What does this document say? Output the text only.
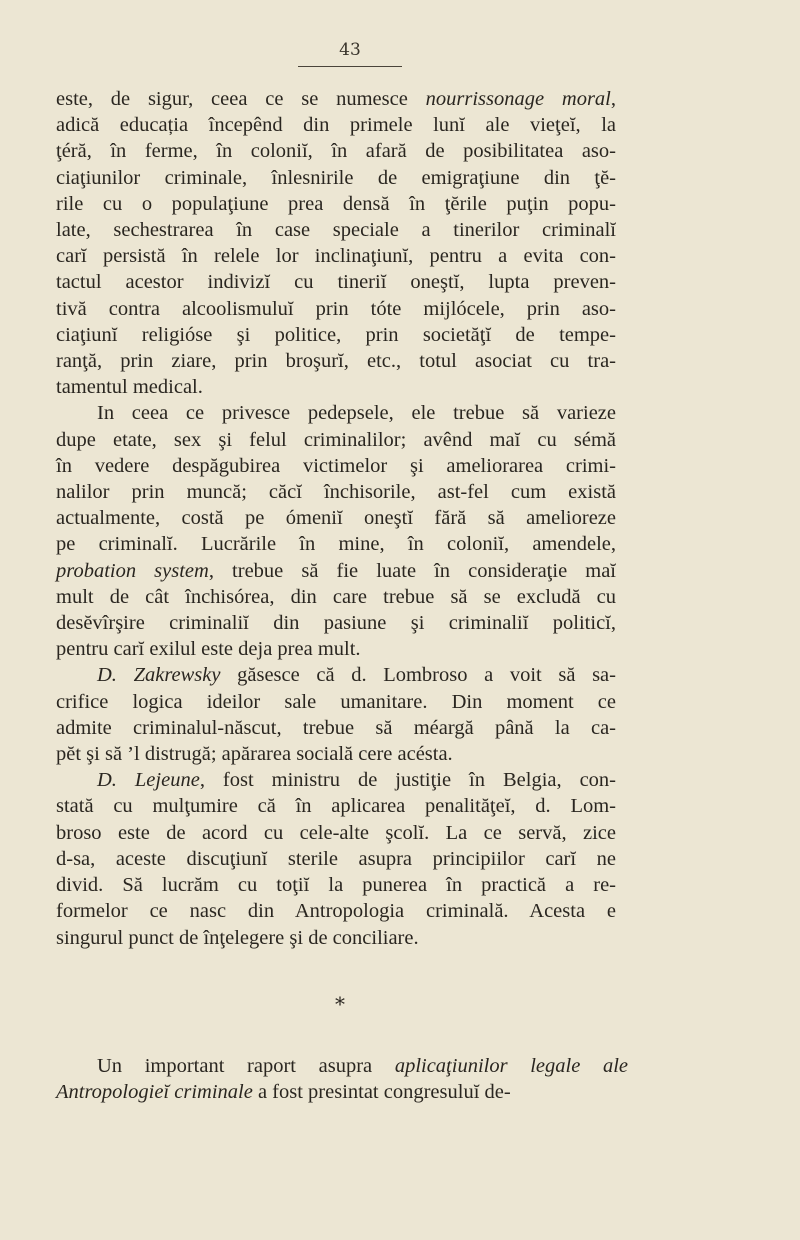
43

este, de sigur, ceea ce se numesce nourrissonage moral,
adică educația începênd din primele lunĭ ale vieţeĭ, la
ţéră, în ferme, în coloniĭ, în afară de posibilitatea aso-
ciaţiunilor criminale, înlesnirile de emigraţiune din ţĕ-
rile cu o populaţiune prea densă în ţĕrile puţin popu-
late, sechestrarea în case speciale a tinerilor criminalĭ
carĭ persistă în relele lor inclinaţiunĭ, pentru a evita con-
tactul acestor indivizĭ cu tineriĭ oneştĭ, lupta preven-
tivă contra alcoolismuluĭ prin tóte mijlócele, prin aso-
ciaţiunĭ religióse şi politice, prin societăţĭ de tempe-
ranţă, prin ziare, prin broşurĭ, etc., totul asociat cu tra-
tamentul medical.

In ceea ce privesce pedepsele, ele trebue să varieze
dupe etate, sex şi felul criminalilor; avênd maĭ cu sémă
în vedere despăgubirea victimelor şi ameliorarea crimi-
nalilor prin muncă; căcĭ închisorile, ast-fel cum există
actualmente, costă pe ómeniĭ oneştĭ fără să amelioreze
pe criminalĭ. Lucrările în mine, în coloniĭ, amendele,
probation system, trebue să fie luate în consideraţie maĭ
mult de cât închisórea, din care trebue să se excludă cu
desĕvîrşire criminaliĭ din pasiune şi criminaliĭ politicĭ,
pentru carĭ exilul este deja prea mult.

D. Zakrewsky găsesce că d. Lombroso a voit să sa-
crifice logica ideilor sale umanitare. Din moment ce
admite criminalul-născut, trebue să méargă până la ca-
pĕt şi să ’l distrugă; apărarea socială cere acésta.

D. Lejeune, fost ministru de justiţie în Belgia, con-
stată cu mulţumire că în aplicarea penalităţeĭ, d. Lom-
broso este de acord cu cele-alte şcolĭ. La ce servă, zice
d-sa, aceste discuţiunĭ sterile asupra principiilor carĭ ne
divid. Să lucrăm cu toţiĭ la punerea în practică a re-
formelor ce nasc din Antropologia criminală. Acesta e
singurul punct de înţelegere şi de conciliare.

*

Un important raport asupra aplicaţiunilor legale ale
Antropologieĭ criminale a fost presintat congresuluĭ de-
